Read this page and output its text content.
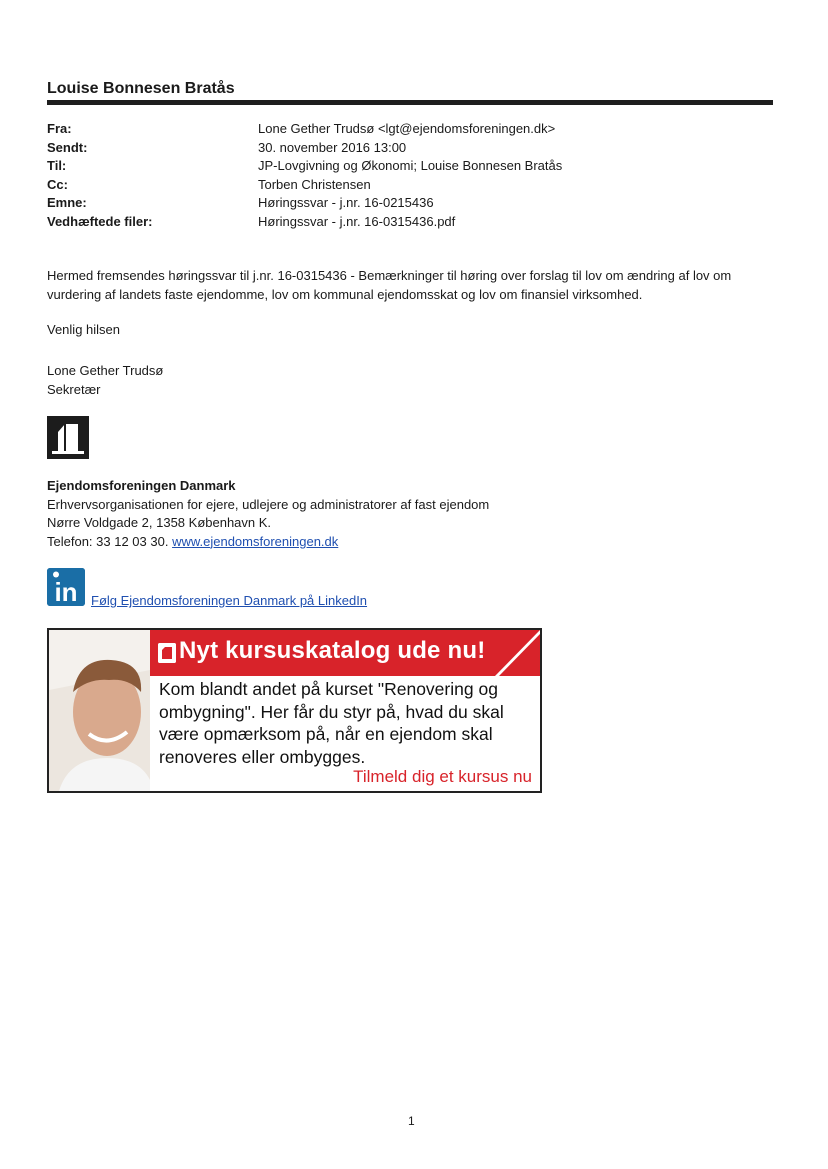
Louise Bonnesen Bratås
Fra:	Lone Gether Trudsø <lgt@ejendomsforeningen.dk>
Sendt:	30. november 2016 13:00
Til:	JP-Lovgivning og Økonomi; Louise Bonnesen Bratås
Cc:	Torben Christensen
Emne:	Høringssvar - j.nr. 16-0215436
Vedhæftede filer:	Høringssvar - j.nr. 16-0315436.pdf
Hermed fremsendes høringssvar til j.nr. 16-0315436 - Bemærkninger til høring over forslag til lov om ændring af lov om vurdering af landets faste ejendomme, lov om kommunal ejendomsskat og lov om finansiel virksomhed.
Venlig hilsen
Lone Gether Trudsø
Sekretær
Ejendomsforeningen Danmark
Erhvervsorganisationen for ejere, udlejere og administratorer af fast ejendom
Nørre Voldgade 2, 1358 København K.
Telefon: 33 12 03 30. www.ejendomsforeningen.dk
in Følg Ejendomsforeningen Danmark på LinkedIn
Nyt kursuskatalog ude nu!
Kom blandt andet på kurset "Renovering og ombygning". Her får du styr på, hvad du skal være opmærksom på, når en ejendom skal renoveres eller ombygges.
Tilmeld dig et kursus nu
1
